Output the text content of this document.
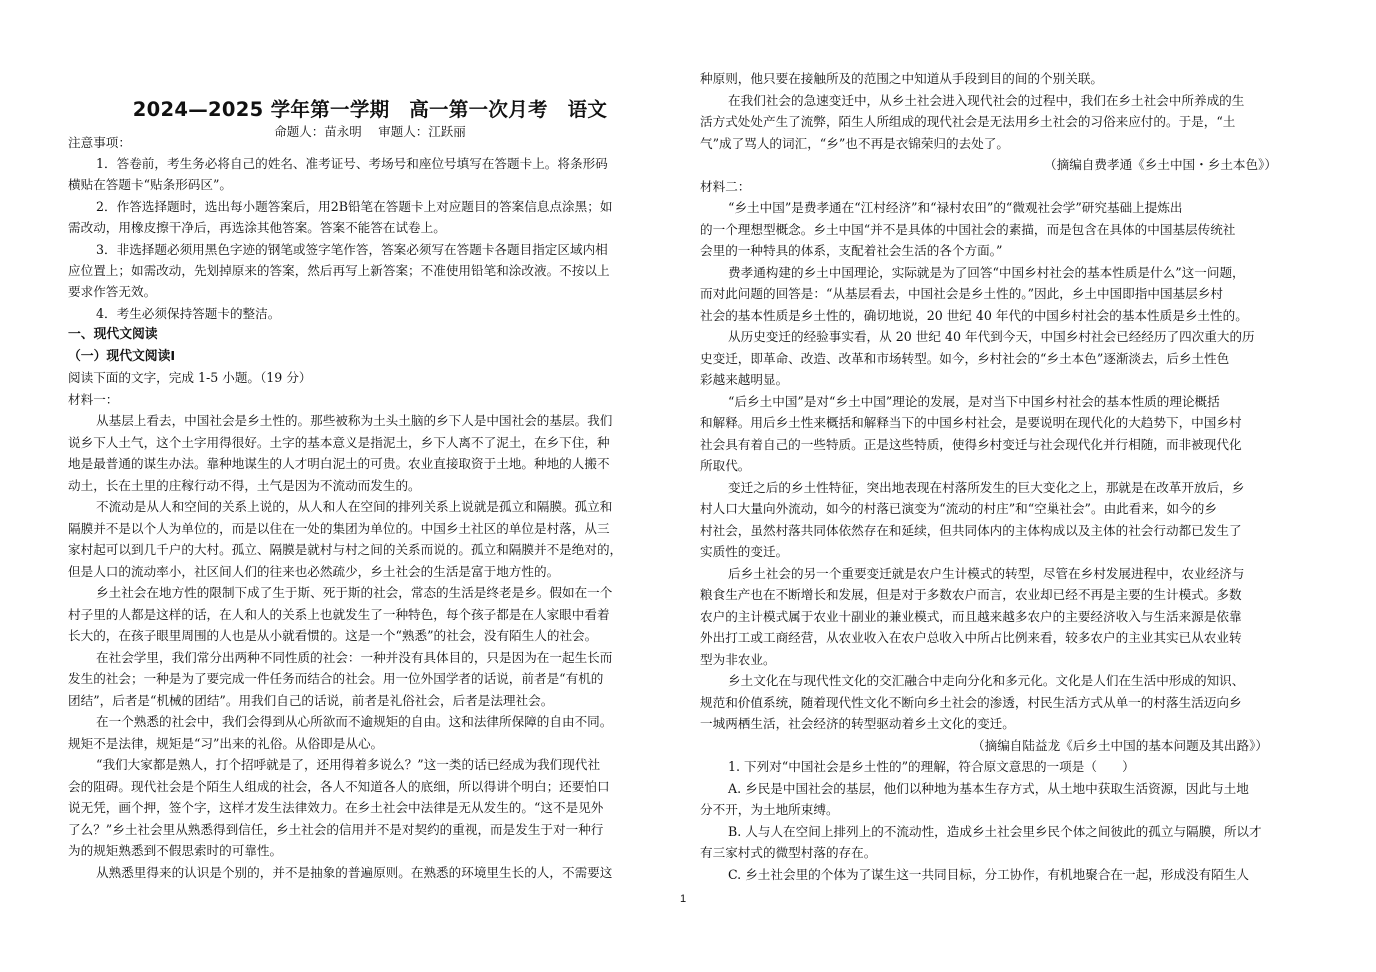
2024—2025 学年第一学期　高一第一次月考　语文
命题人：苗永明　 审题人：江跃丽
注意事项：
1．答卷前，考生务必将自己的姓名、准考证号、考场号和座位号填写在答题卡上。将条形码
横贴在答题卡“贴条形码区”。
2．作答选择题时，选出每小题答案后，用2B铅笔在答题卡上对应题目的答案信息点涂黑；如
需改动，用橡皮擦干净后，再选涂其他答案。答案不能答在试卷上。
3．非选择题必须用黑色字迹的钢笔或签字笔作答，答案必须写在答题卡各题目指定区域内相
应位置上；如需改动，先划掉原来的答案，然后再写上新答案；不准使用铅笔和涂改液。不按以上
要求作答无效。
4．考生必须保持答题卡的整洁。
一、现代文阅读
（一）现代文阅读Ⅰ
阅读下面的文字，完成 1-5 小题。（19 分）
材料一：
从基层上看去，中国社会是乡土性的。那些被称为土头土脑的乡下人是中国社会的基层。我们
说乡下人土气，这个土字用得很好。土字的基本意义是指泥土，乡下人离不了泥土，在乡下住，种
地是最普通的谋生办法。靠种地谋生的人才明白泥土的可贵。农业直接取资于土地。种地的人搬不
动土，长在土里的庄稼行动不得，土气是因为不流动而发生的。
不流动是从人和空间的关系上说的，从人和人在空间的排列关系上说就是孤立和隔膜。孤立和
隔膜并不是以个人为单位的，而是以住在一处的集团为单位的。中国乡土社区的单位是村落，从三
家村起可以到几千户的大村。孤立、隔膜是就村与村之间的关系而说的。孤立和隔膜并不是绝对的，
但是人口的流动率小，社区间人们的往来也必然疏少，乡土社会的生活是富于地方性的。
乡土社会在地方性的限制下成了生于斯、死于斯的社会，常态的生活是终老是乡。假如在一个
村子里的人都是这样的话，在人和人的关系上也就发生了一种特色，每个孩子都是在人家眼中看着
长大的，在孩子眼里周围的人也是从小就看惯的。这是一个“熟悉”的社会，没有陌生人的社会。
在社会学里，我们常分出两种不同性质的社会：一种并没有具体目的，只是因为在一起生长而
发生的社会；一种是为了要完成一件任务而结合的社会。用一位外国学者的话说，前者是“有机的
团结”，后者是“机械的团结”。用我们自己的话说，前者是礼俗社会，后者是法理社会。
在一个熟悉的社会中，我们会得到从心所欲而不逾规矩的自由。这和法律所保障的自由不同。
规矩不是法律，规矩是“习”出来的礼俗。从俗即是从心。
“我们大家都是熟人，打个招呼就是了，还用得着多说么？”这一类的话已经成为我们现代社
会的阻碍。现代社会是个陌生人组成的社会，各人不知道各人的底细，所以得讲个明白；还要怕口
说无凭，画个押，签个字，这样才发生法律效力。在乡土社会中法律是无从发生的。“这不是见外
了么？”乡土社会里从熟悉得到信任，乡土社会的信用并不是对契约的重视，而是发生于对一种行
为的规矩熟悉到不假思索时的可靠性。
从熟悉里得来的认识是个别的，并不是抽象的普遍原则。在熟悉的环境里生长的人，不需要这
种原则，他只要在接触所及的范围之中知道从手段到目的间的个别关联。
在我们社会的急速变迁中，从乡土社会进入现代社会的过程中，我们在乡土社会中所养成的生
活方式处处产生了流弊，陌生人所组成的现代社会是无法用乡土社会的习俗来应付的。于是，“土
气”成了骂人的词汇，“乡”也不再是衣锦荣归的去处了。
（摘编自费孝通《乡土中国・乡土本色》）
材料二：
“乡土中国”是费孝通在“江村经济”和“禄村农田”的“微观社会学”研究基础上提炼出
的一个理想型概念。乡土中国“并不是具体的中国社会的素描，而是包含在具体的中国基层传统社
会里的一种特具的体系，支配着社会生活的各个方面。”
费孝通构建的乡土中国理论，实际就是为了回答“中国乡村社会的基本性质是什么”这一问题，
而对此问题的回答是：“从基层看去，中国社会是乡土性的。”因此，乡土中国即指中国基层乡村
社会的基本性质是乡土性的，确切地说，20 世纪 40 年代的中国乡村社会的基本性质是乡土性的。
从历史变迁的经验事实看，从 20 世纪 40 年代到今天，中国乡村社会已经经历了四次重大的历
史变迁，即革命、改造、改革和市场转型。如今，乡村社会的“乡土本色”逐渐淡去，后乡土性色
彩越来越明显。
“后乡土中国”是对“乡土中国”理论的发展，是对当下中国乡村社会的基本性质的理论概括
和解释。用后乡土性来概括和解释当下的中国乡村社会，是要说明在现代化的大趋势下，中国乡村
社会具有着自己的一些特质。正是这些特质，使得乡村变迁与社会现代化并行相随，而非被现代化
所取代。
变迁之后的乡土性特征，突出地表现在村落所发生的巨大变化之上，那就是在改革开放后，乡
村人口大量向外流动，如今的村落已演变为“流动的村庄”和“空巢社会”。由此看来，如今的乡
村社会，虽然村落共同体依然存在和延续，但共同体内的主体构成以及主体的社会行动都已发生了
实质性的变迁。
后乡土社会的另一个重要变迁就是农户生计模式的转型，尽管在乡村发展进程中，农业经济与
粮食生产也在不断增长和发展，但是对于多数农户而言，农业却已经不再是主要的生计模式。多数
农户的主计模式属于农业十副业的兼业模式，而且越来越多农户的主要经济收入与生活来源是依靠
外出打工或工商经营，从农业收入在农户总收入中所占比例来看，较多农户的主业其实已从农业转
型为非农业。
乡土文化在与现代性文化的交汇融合中走向分化和多元化。文化是人们在生活中形成的知识、
规范和价值系统，随着现代性文化不断向乡土社会的渗透，村民生活方式从单一的村落生活迈向乡
一城两栖生活，社会经济的转型驱动着乡土文化的变迁。
（摘编自陆益龙《后乡土中国的基本问题及其出路》）
1. 下列对“中国社会是乡土性的”的理解，符合原文意思的一项是（　　）
A. 乡民是中国社会的基层，他们以种地为基本生存方式，从土地中获取生活资源，因此与土地
分不开，为土地所束缚。
B. 人与人在空间上排列上的不流动性，造成乡土社会里乡民个体之间彼此的孤立与隔膜，所以才
有三家村式的微型村落的存在。
C. 乡土社会里的个体为了谋生这一共同目标，分工协作，有机地聚合在一起，形成没有陌生人
1
